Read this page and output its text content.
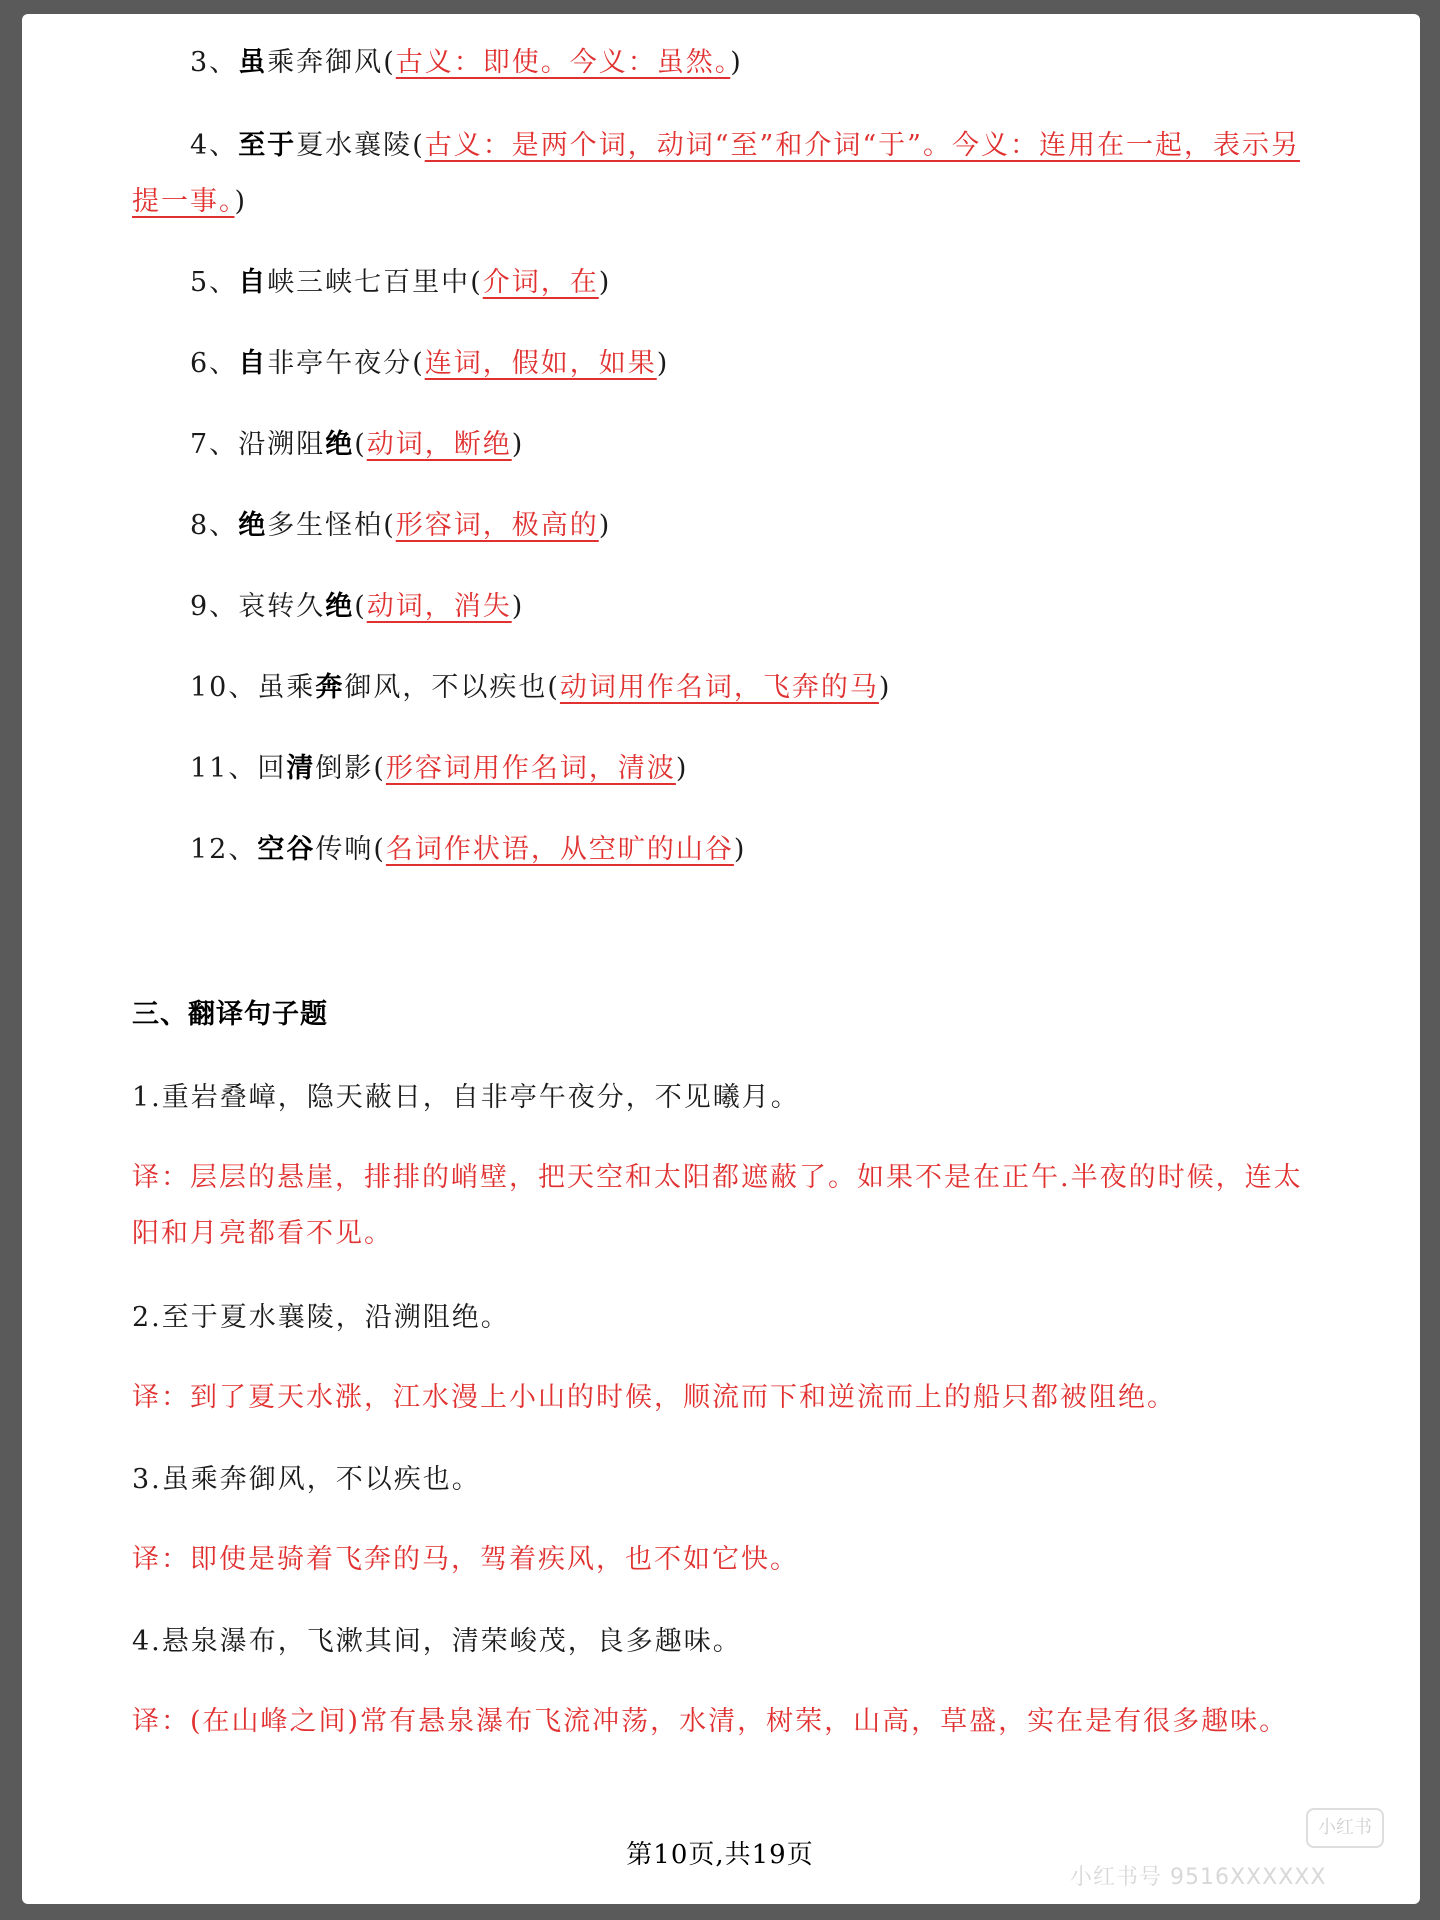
3、虽乘奔御风(古义：即使。今义：虽然。)
4、至于夏水襄陵(古义：是两个词，动词“至”和介词“于”。今义：连用在一起，表示另提一事。)
5、自峡三峡七百里中(介词，在)
6、自非亭午夜分(连词，假如，如果)
7、沿溯阻绝(动词，断绝)
8、绝多生怪柏(形容词，极高的)
9、哀转久绝(动词，消失)
10、虽乘奔御风，不以疾也(动词用作名词，飞奔的马)
11、回清倒影(形容词用作名词，清波)
12、空谷传响(名词作状语，从空旷的山谷)
三、翻译句子题
1.重岩叠嶂，隐天蔽日，自非亭午夜分，不见曦月。
译：层层的悬崖，排排的峭壁，把天空和太阳都遮蔽了。如果不是在正午.半夜的时候，连太阳和月亮都看不见。
2.至于夏水襄陵，沿溯阻绝。
译：到了夏天水涨，江水漫上小山的时候，顺流而下和逆流而上的船只都被阻绝。
3.虽乘奔御风，不以疾也。
译：即使是骑着飞奔的马，驾着疾风，也不如它快。
4.悬泉瀑布，飞漱其间，清荣峻茂，良多趣味。
译：(在山峰之间)常有悬泉瀑布飞流冲荡，水清，树荣，山高，草盛，实在是有很多趣味。
第10页,共19页
小红书
小红书号 9516XXXXXX
